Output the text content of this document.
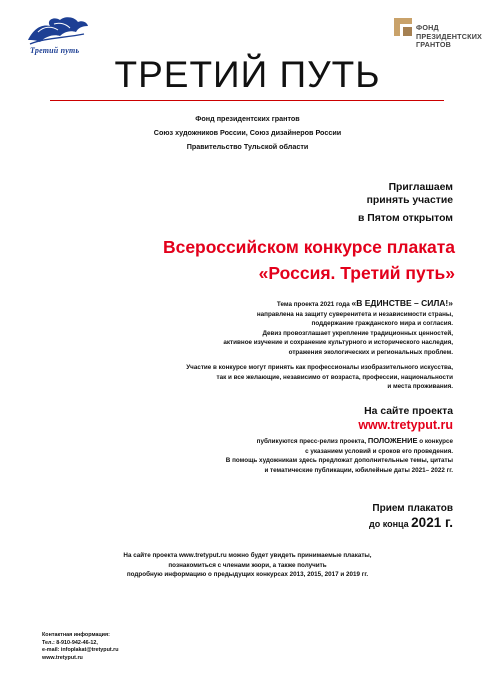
Третий путь
ФОНД
ПРЕЗИДЕНТСКИХ
ГРАНТОВ
ТРЕТИЙ ПУТЬ
Фонд президентских грантов
Союз художников России, Союз дизайнеров России
Правительство Тульской области
Приглашаем
принять участие
в Пятом открытом
Всероссийском конкурсе плаката
«Россия. Третий путь»
Тема проекта 2021 года «В ЕДИНСТВЕ – СИЛА!»
направлена на защиту суверенитета и независимости страны,
поддержание гражданского мира и согласия.
Девиз провозглашает укрепление традиционных ценностей,
активное изучение и сохранение культурного и исторического наследия,
отражения экологических и региональных проблем.
Участие в конкурсе могут принять как профессионалы изобразительного искусства,
так и все желающие, независимо от возраста, профессии, национальности
и места проживания.
На сайте проекта
www.tretyput.ru
публикуются пресс-релиз проекта, ПОЛОЖЕНИЕ о конкурсе
с указанием условий и сроков его проведения.
В помощь художникам здесь предложат дополнительные темы, цитаты
и тематические публикации, юбилейные даты 2021– 2022 гг.
Прием плакатов
до конца 2021 г.
На сайте проекта www.tretyput.ru можно будет увидеть принимаемые плакаты,
познакомиться с членами жюри, а также получить
подробную информацию о предыдущих конкурсах 2013, 2015, 2017 и 2019 гг.
Контактная информация:
Тел.: 8-910-942-46-12,
e-mail: infoplakat@tretyput.ru
www.tretyput.ru
